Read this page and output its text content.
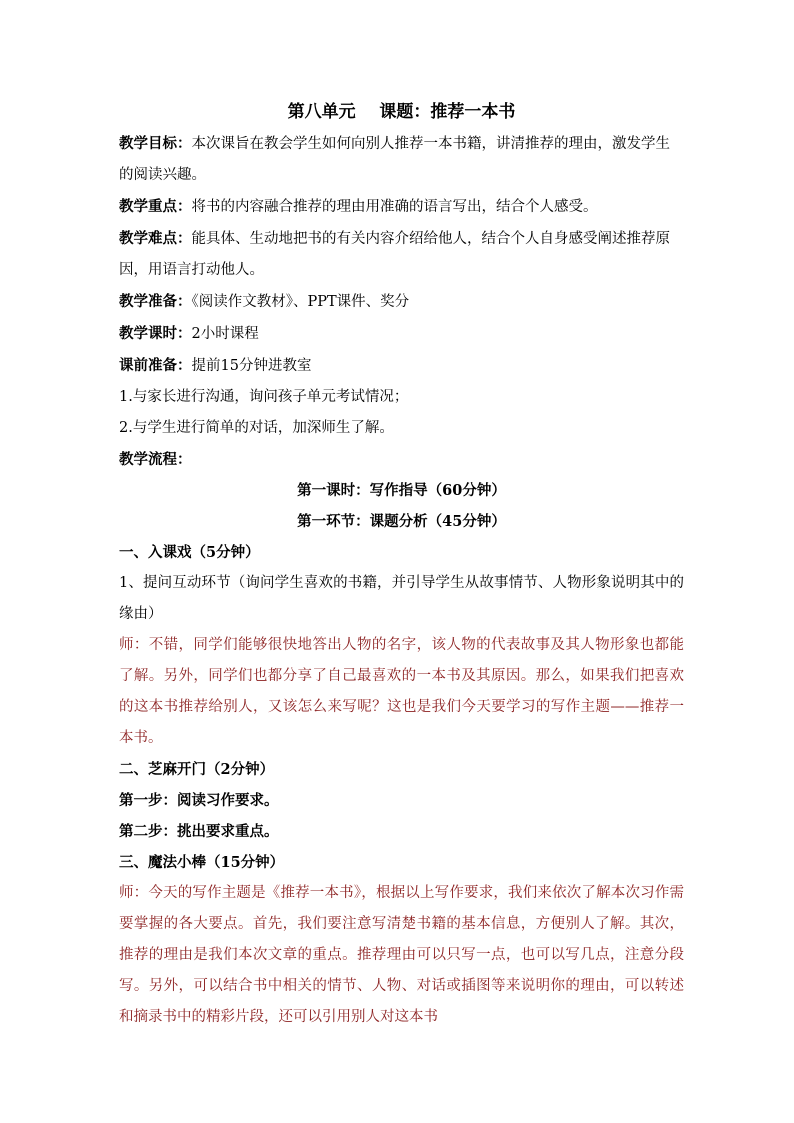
第八单元    课题：推荐一本书

教学目标：本次课旨在教会学生如何向别人推荐一本书籍，讲清推荐的理由，激发学生的阅读兴趣。

教学重点：将书的内容融合推荐的理由用准确的语言写出，结合个人感受。

教学难点：能具体、生动地把书的有关内容介绍给他人，结合个人自身感受阐述推荐原因，用语言打动他人。

教学准备：《阅读作文教材》、PPT课件、奖分

教学课时：2小时课程

课前准备：提前15分钟进教室

1.与家长进行沟通，询问孩子单元考试情况；

2.与学生进行简单的对话，加深师生了解。

教学流程：

第一课时：写作指导（60分钟）

第一环节：课题分析（45分钟）

一、入课戏（5分钟）

1、提问互动环节（询问学生喜欢的书籍，并引导学生从故事情节、人物形象说明其中的缘由）

师：不错，同学们能够很快地答出人物的名字，该人物的代表故事及其人物形象也都能了解。另外，同学们也都分享了自己最喜欢的一本书及其原因。那么，如果我们把喜欢的这本书推荐给别人，又该怎么来写呢？这也是我们今天要学习的写作主题——推荐一本书。

二、芝麻开门（2分钟）

第一步：阅读习作要求。

第二步：挑出要求重点。

三、魔法小棒（15分钟）

师：今天的写作主题是《推荐一本书》，根据以上写作要求，我们来依次了解本次习作需要掌握的各大要点。首先，我们要注意写清楚书籍的基本信息，方便别人了解。其次，推荐的理由是我们本次文章的重点。推荐理由可以只写一点，也可以写几点，注意分段写。另外，可以结合书中相关的情节、人物、对话或插图等来说明你的理由，可以转述和摘录书中的精彩片段，还可以引用别人对这本书
